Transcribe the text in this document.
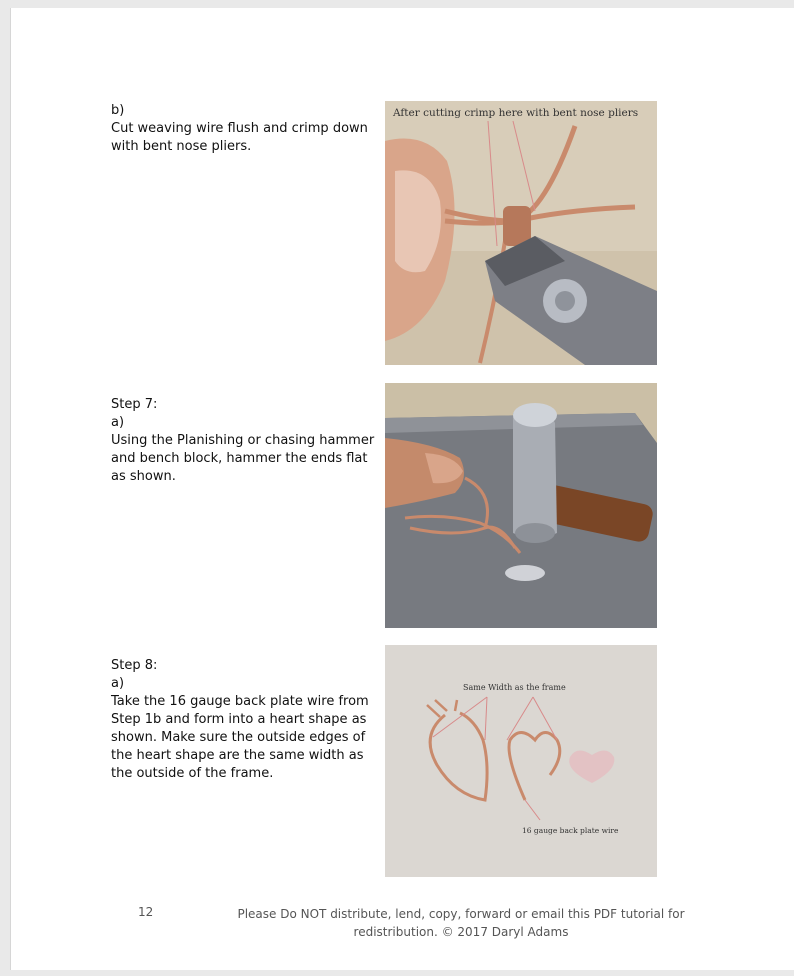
b)
Cut weaving wire flush and crimp down with bent nose pliers.
After cutting crimp here with bent nose pliers
Step 7:
a)
Using the Planishing or chasing hammer and bench block, hammer the ends flat as shown.
Step 8:
a)
Take the 16 gauge back plate wire from Step 1b and form into a heart shape as shown. Make sure the outside edges of the heart shape are the same width as the outside of the frame.
Same Width as the frame
16 gauge back plate wire
12	Please Do NOT distribute, lend, copy, forward or email this PDF tutorial for
redistribution. © 2017 Daryl Adams
